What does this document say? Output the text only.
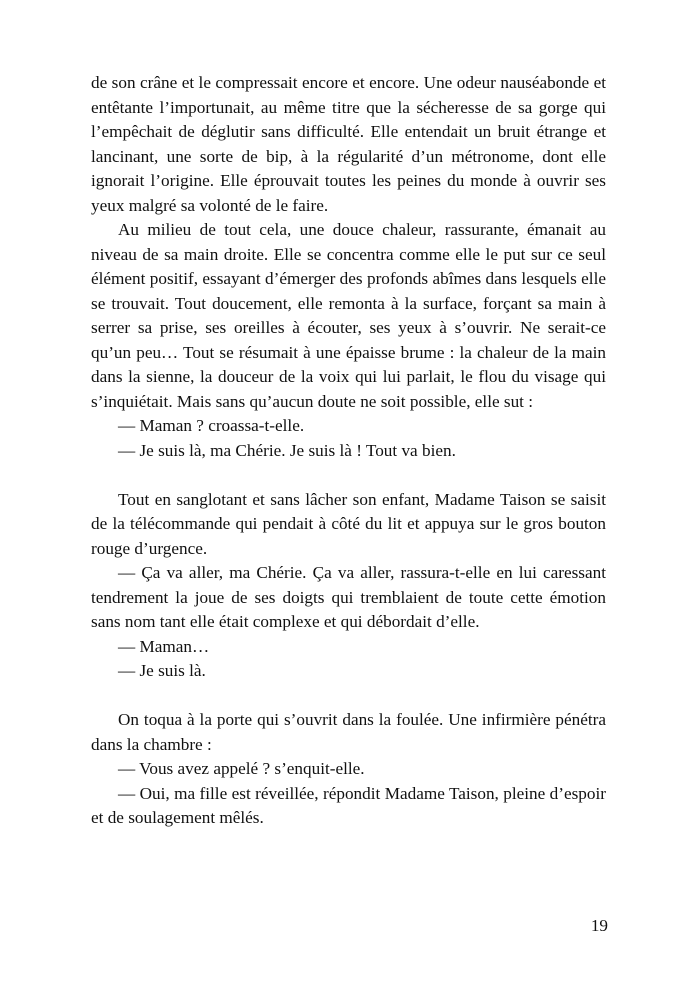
de son crâne et le compressait encore et encore. Une odeur nauséabonde et entêtante l’importunait, au même titre que la sécheresse de sa gorge qui l’empêchait de déglutir sans difficulté. Elle entendait un bruit étrange et lancinant, une sorte de bip, à la régularité d’un métronome, dont elle ignorait l’origine. Elle éprouvait toutes les peines du monde à ouvrir ses yeux malgré sa volonté de le faire.

Au milieu de tout cela, une douce chaleur, rassurante, émanait au niveau de sa main droite. Elle se concentra comme elle le put sur ce seul élément positif, essayant d’émerger des profonds abîmes dans lesquels elle se trouvait. Tout doucement, elle remonta à la surface, forçant sa main à serrer sa prise, ses oreilles à écouter, ses yeux à s’ouvrir. Ne serait-ce qu’un peu… Tout se résumait à une épaisse brume : la chaleur de la main dans la sienne, la douceur de la voix qui lui parlait, le flou du visage qui s’inquiétait. Mais sans qu’aucun doute ne soit possible, elle sut :

— Maman ? croassa-t-elle.

— Je suis là, ma Chérie. Je suis là ! Tout va bien.

Tout en sanglotant et sans lâcher son enfant, Madame Taison se saisit de la télécommande qui pendait à côté du lit et appuya sur le gros bouton rouge d’urgence.

— Ça va aller, ma Chérie. Ça va aller, rassura-t-elle en lui caressant tendrement la joue de ses doigts qui tremblaient de toute cette émotion sans nom tant elle était complexe et qui débordait d’elle.

— Maman…

— Je suis là.

On toqua à la porte qui s’ouvrit dans la foulée. Une infirmière pénétra dans la chambre :

— Vous avez appelé ? s’enquit-elle.

— Oui, ma fille est réveillée, répondit Madame Taison, pleine d’espoir et de soulagement mêlés.

19
